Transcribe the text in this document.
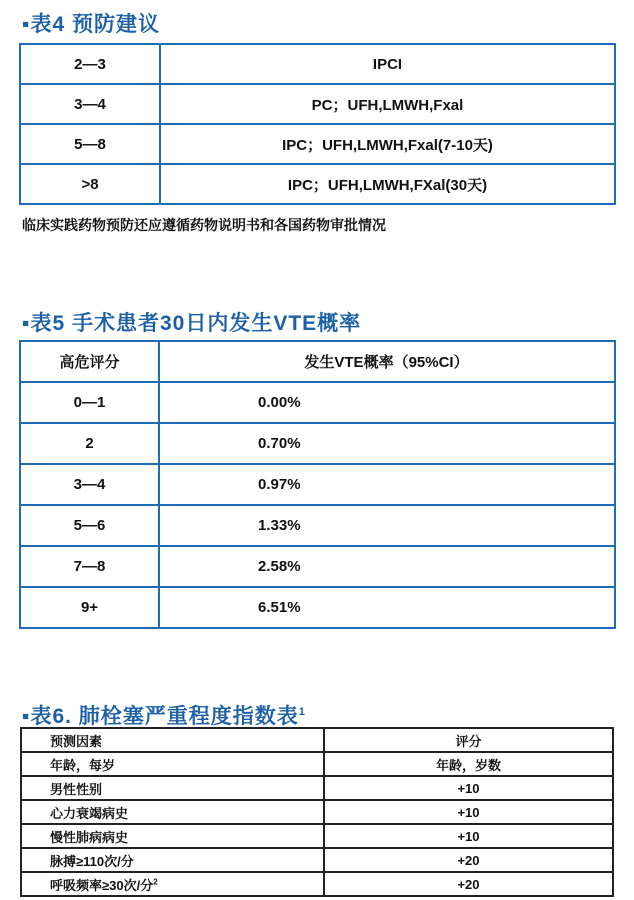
▪表4 预防建议
2—3	IPCI
3—4	PC；UFH,LMWH,Fxal
5—8	IPC；UFH,LMWH,Fxal(7-10天)
>8	IPC；UFH,LMWH,FXal(30天)
临床实践药物预防还应遵循药物说明书和各国药物审批情况
▪表5 手术患者30日内发生VTE概率
高危评分	发生VTE概率（95%CI）
0—1	0.00%
2	0.70%
3—4	0.97%
5—6	1.33%
7—8	2.58%
9+	6.51%
▪表6. 肺栓塞严重程度指数表$^1$
预测因素	评分
年龄，每岁	年龄，岁数
男性性别	+10
心力衰竭病史	+10
慢性肺病病史	+10
脉搏≥110次/分	+20
呼吸频率≥30次/分$^2$	+20
